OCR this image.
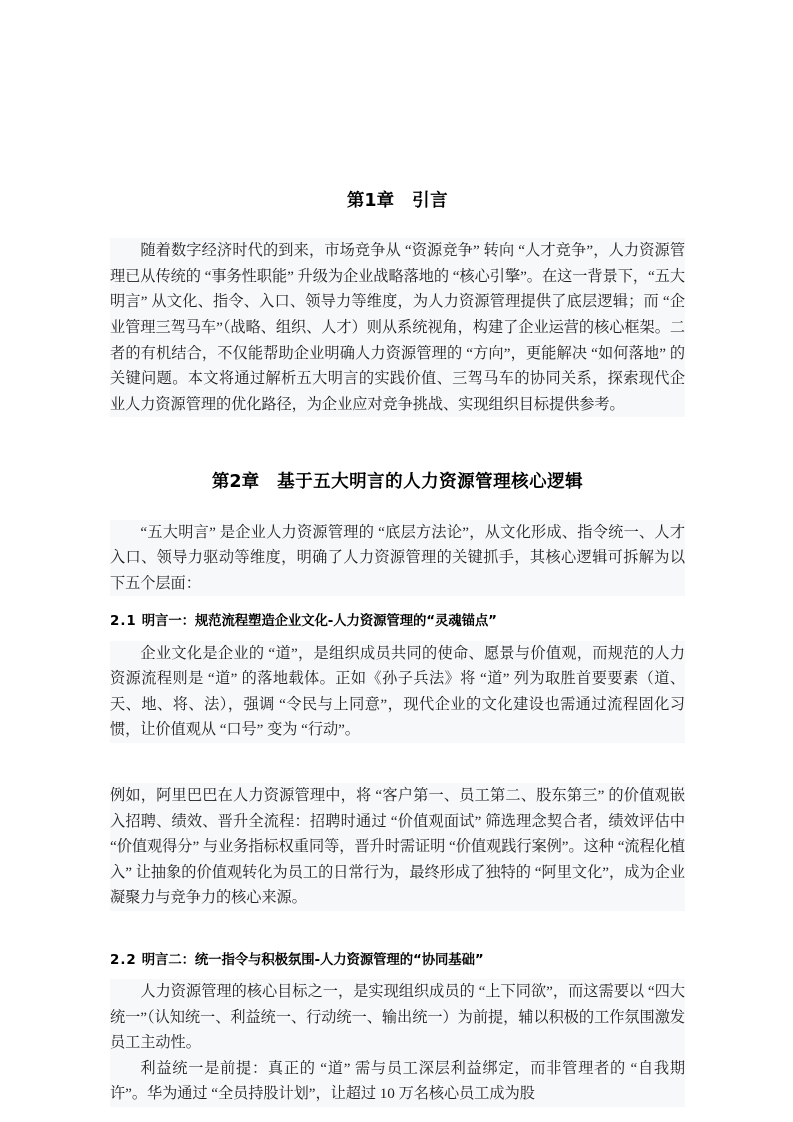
第1章 引言

随着数字经济时代的到来，市场竞争从 “资源竞争” 转向 “人才竞争”，人力资源管理已从传统的 “事务性职能” 升级为企业战略落地的 “核心引擎”。在这一背景下，“五大明言” 从文化、指令、入口、领导力等维度，为人力资源管理提供了底层逻辑；而 “企业管理三驾马车”（战略、组织、人才）则从系统视角，构建了企业运营的核心框架。二者的有机结合，不仅能帮助企业明确人力资源管理的 “方向”，更能解决 “如何落地” 的关键问题。本文将通过解析五大明言的实践价值、三驾马车的协同关系，探索现代企业人力资源管理的优化路径，为企业应对竞争挑战、实现组织目标提供参考。

第2章 基于五大明言的人力资源管理核心逻辑

“五大明言” 是企业人力资源管理的 “底层方法论”，从文化形成、指令统一、人才入口、领导力驱动等维度，明确了人力资源管理的关键抓手，其核心逻辑可拆解为以下五个层面：

2.1 明言一：规范流程塑造企业文化-人力资源管理的“灵魂锚点”

企业文化是企业的 “道”，是组织成员共同的使命、愿景与价值观，而规范的人力资源流程则是 “道” 的落地载体。正如《孙子兵法》将 “道” 列为取胜首要要素（道、天、地、将、法），强调 “令民与上同意”，现代企业的文化建设也需通过流程固化习惯，让价值观从 “口号” 变为 “行动”。

例如，阿里巴巴在人力资源管理中，将 “客户第一、员工第二、股东第三” 的价值观嵌入招聘、绩效、晋升全流程：招聘时通过 “价值观面试” 筛选理念契合者，绩效评估中 “价值观得分” 与业务指标权重同等，晋升时需证明 “价值观践行案例”。这种 “流程化植入” 让抽象的价值观转化为员工的日常行为，最终形成了独特的 “阿里文化”，成为企业凝聚力与竞争力的核心来源。

2.2 明言二：统一指令与积极氛围-人力资源管理的“协同基础”

人力资源管理的核心目标之一，是实现组织成员的 “上下同欲”，而这需要以 “四大统一”（认知统一、利益统一、行动统一、输出统一）为前提，辅以积极的工作氛围激发员工主动性。

利益统一是前提：真正的 “道” 需与员工深层利益绑定，而非管理者的 “自我期许”。华为通过 “全员持股计划”，让超过 10 万名核心员工成为股
